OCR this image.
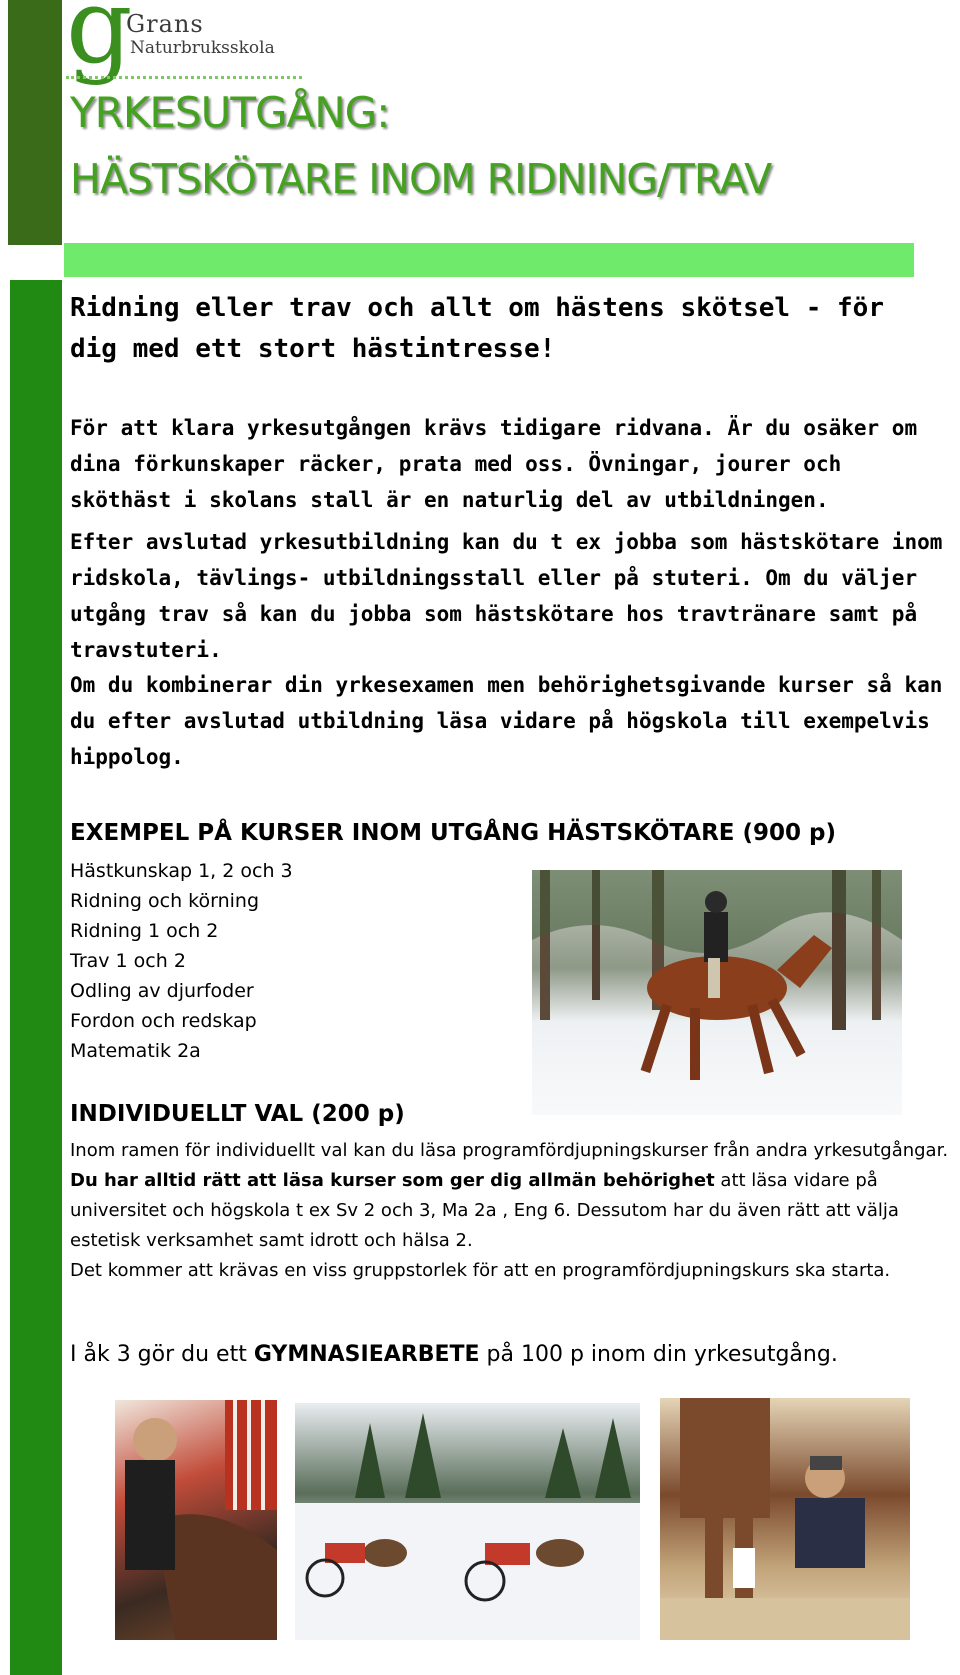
g
Grans
Naturbruksskola
YRKESUTGÅNG:
HÄSTSKÖTARE INOM RIDNING/TRAV
Ridning eller trav och allt om hästens skötsel - för dig med ett stort hästintresse!
För att klara yrkesutgången krävs tidigare ridvana. Är du osäker om dina förkunskaper räcker, prata med oss. Övningar, jourer och sköthäst i skolans stall är en naturlig del av utbildningen.
Efter avslutad yrkesutbildning kan du t ex jobba som hästskötare inom ridskola, tävlings- utbildningsstall eller på stuteri. Om du väljer utgång trav så kan du jobba som hästskötare hos travtränare samt på travstuteri.
Om du kombinerar din yrkesexamen men behörighetsgivande kurser så kan du efter avslutad utbildning läsa vidare på högskola till exempelvis hippolog.
EXEMPEL PÅ KURSER INOM UTGÅNG HÄSTSKÖTARE (900 p)
Hästkunskap 1, 2 och 3
Ridning och körning
Ridning 1 och 2
Trav 1 och 2
Odling av djurfoder
Fordon och redskap
Matematik 2a
INDIVIDUELLT VAL (200 p)
Inom ramen för individuellt val kan du läsa programfördjupningskurser från andra yrkesutgångar. Du har alltid rätt att läsa kurser som ger dig allmän behörighet att läsa vidare på universitet och högskola t ex Sv 2 och 3, Ma 2a , Eng 6. Dessutom har du även rätt att välja estetisk verksamhet samt idrott och hälsa 2.
Det kommer att krävas en viss gruppstorlek för att en programfördjupningskurs ska starta.
I åk 3 gör du ett GYMNASIEARBETE på 100 p inom din yrkesutgång.
